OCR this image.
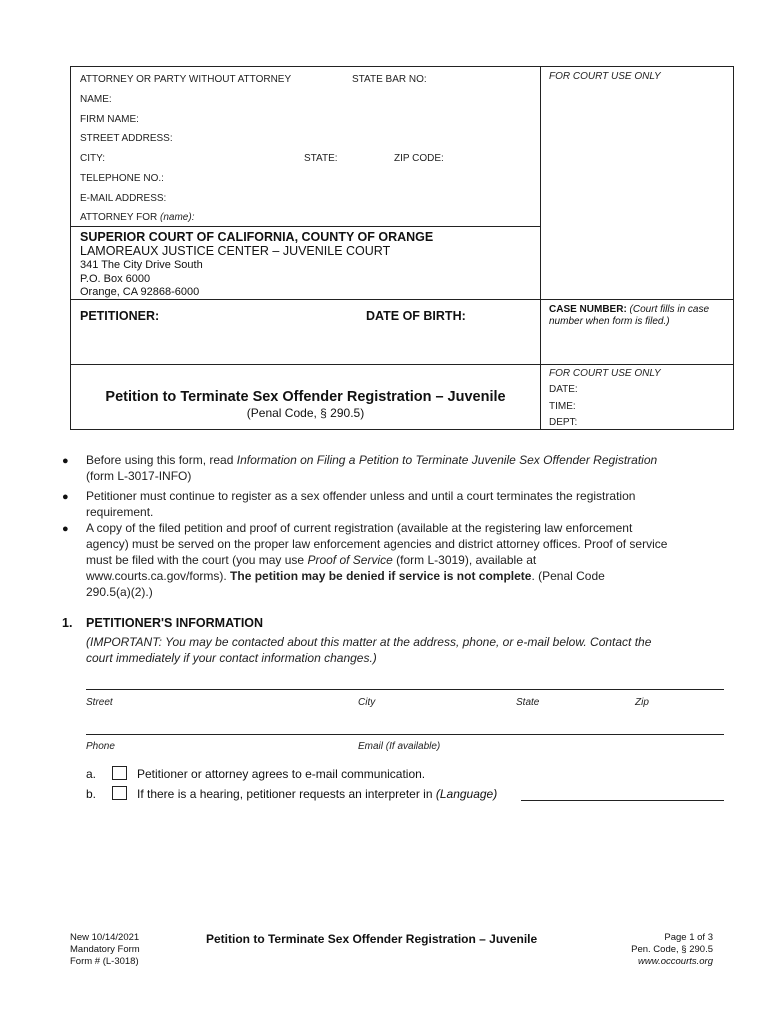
ATTORNEY OR PARTY WITHOUT ATTORNEY	STATE BAR NO:	FOR COURT USE ONLY
NAME:
FIRM NAME:
STREET ADDRESS:
CITY:	STATE:	ZIP CODE:
TELEPHONE NO.:
E-MAIL ADDRESS:
ATTORNEY FOR (name):
SUPERIOR COURT OF CALIFORNIA, COUNTY OF ORANGE
LAMOREAUX JUSTICE CENTER – JUVENILE COURT
341 The City Drive South
P.O. Box 6000
Orange, CA 92868-6000
PETITIONER:	DATE OF BIRTH:	CASE NUMBER: (Court fills in case number when form is filed.)
Petition to Terminate Sex Offender Registration – Juvenile
(Penal Code, § 290.5)
FOR COURT USE ONLY
DATE:
TIME:
DEPT:
● Before using this form, read Information on Filing a Petition to Terminate Juvenile Sex Offender Registration
(form L-3017-INFO)
● Petitioner must continue to register as a sex offender unless and until a court terminates the registration
requirement.
● A copy of the filed petition and proof of current registration (available at the registering law enforcement
agency) must be served on the proper law enforcement agencies and district attorney offices. Proof of service
must be filed with the court (you may use Proof of Service (form L-3019), available at
www.courts.ca.gov/forms). The petition may be denied if service is not complete. (Penal Code
290.5(a)(2).)
1. PETITIONER'S INFORMATION
(IMPORTANT: You may be contacted about this matter at the address, phone, or e-mail below. Contact the
court immediately if your contact information changes.)
Street	City	State	Zip
Phone	Email (If available)
a.	Petitioner or attorney agrees to e-mail communication.
b.	If there is a hearing, petitioner requests an interpreter in (Language)
New 10/14/2021
Mandatory Form
Form # (L-3018)
Petition to Terminate Sex Offender Registration – Juvenile	Page 1 of 3
Pen. Code, § 290.5
www.occourts.org
